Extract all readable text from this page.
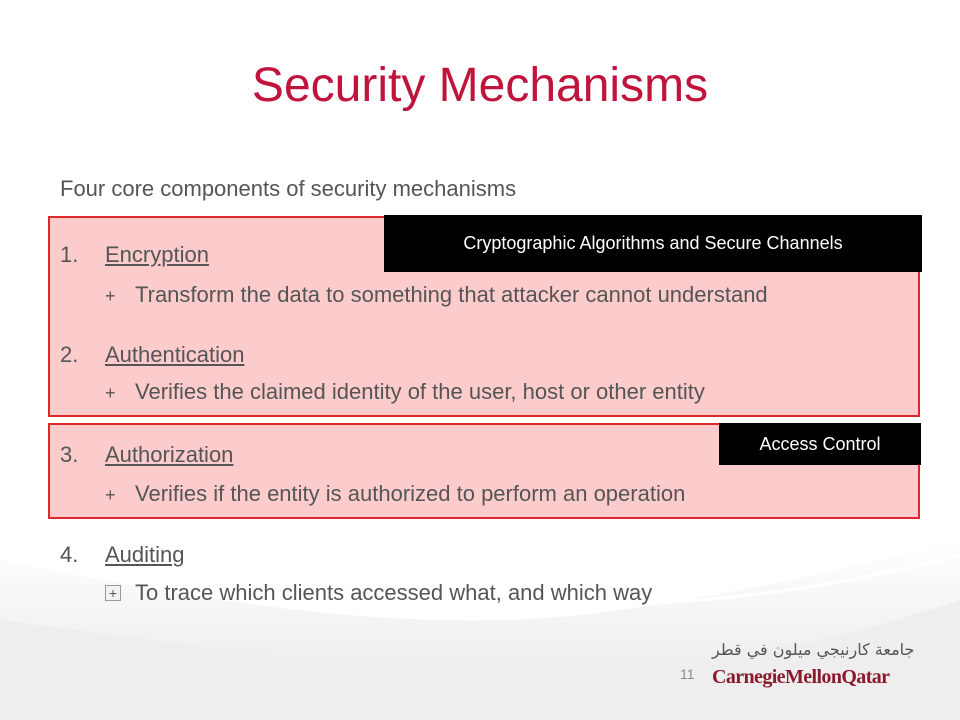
Security Mechanisms
Four core components of security mechanisms
Cryptographic Algorithms and Secure Channels
Access Control
1. Encryption
+ Transform the data to something that attacker cannot understand
2. Authentication
+ Verifies the claimed identity of the user, host or other entity
3. Authorization
+ Verifies if the entity is authorized to perform an operation
4. Auditing
+ To trace which clients accessed what, and which way
11
جامعة كارنيجي ميلون في قطر
CarnegieMellonQatar
